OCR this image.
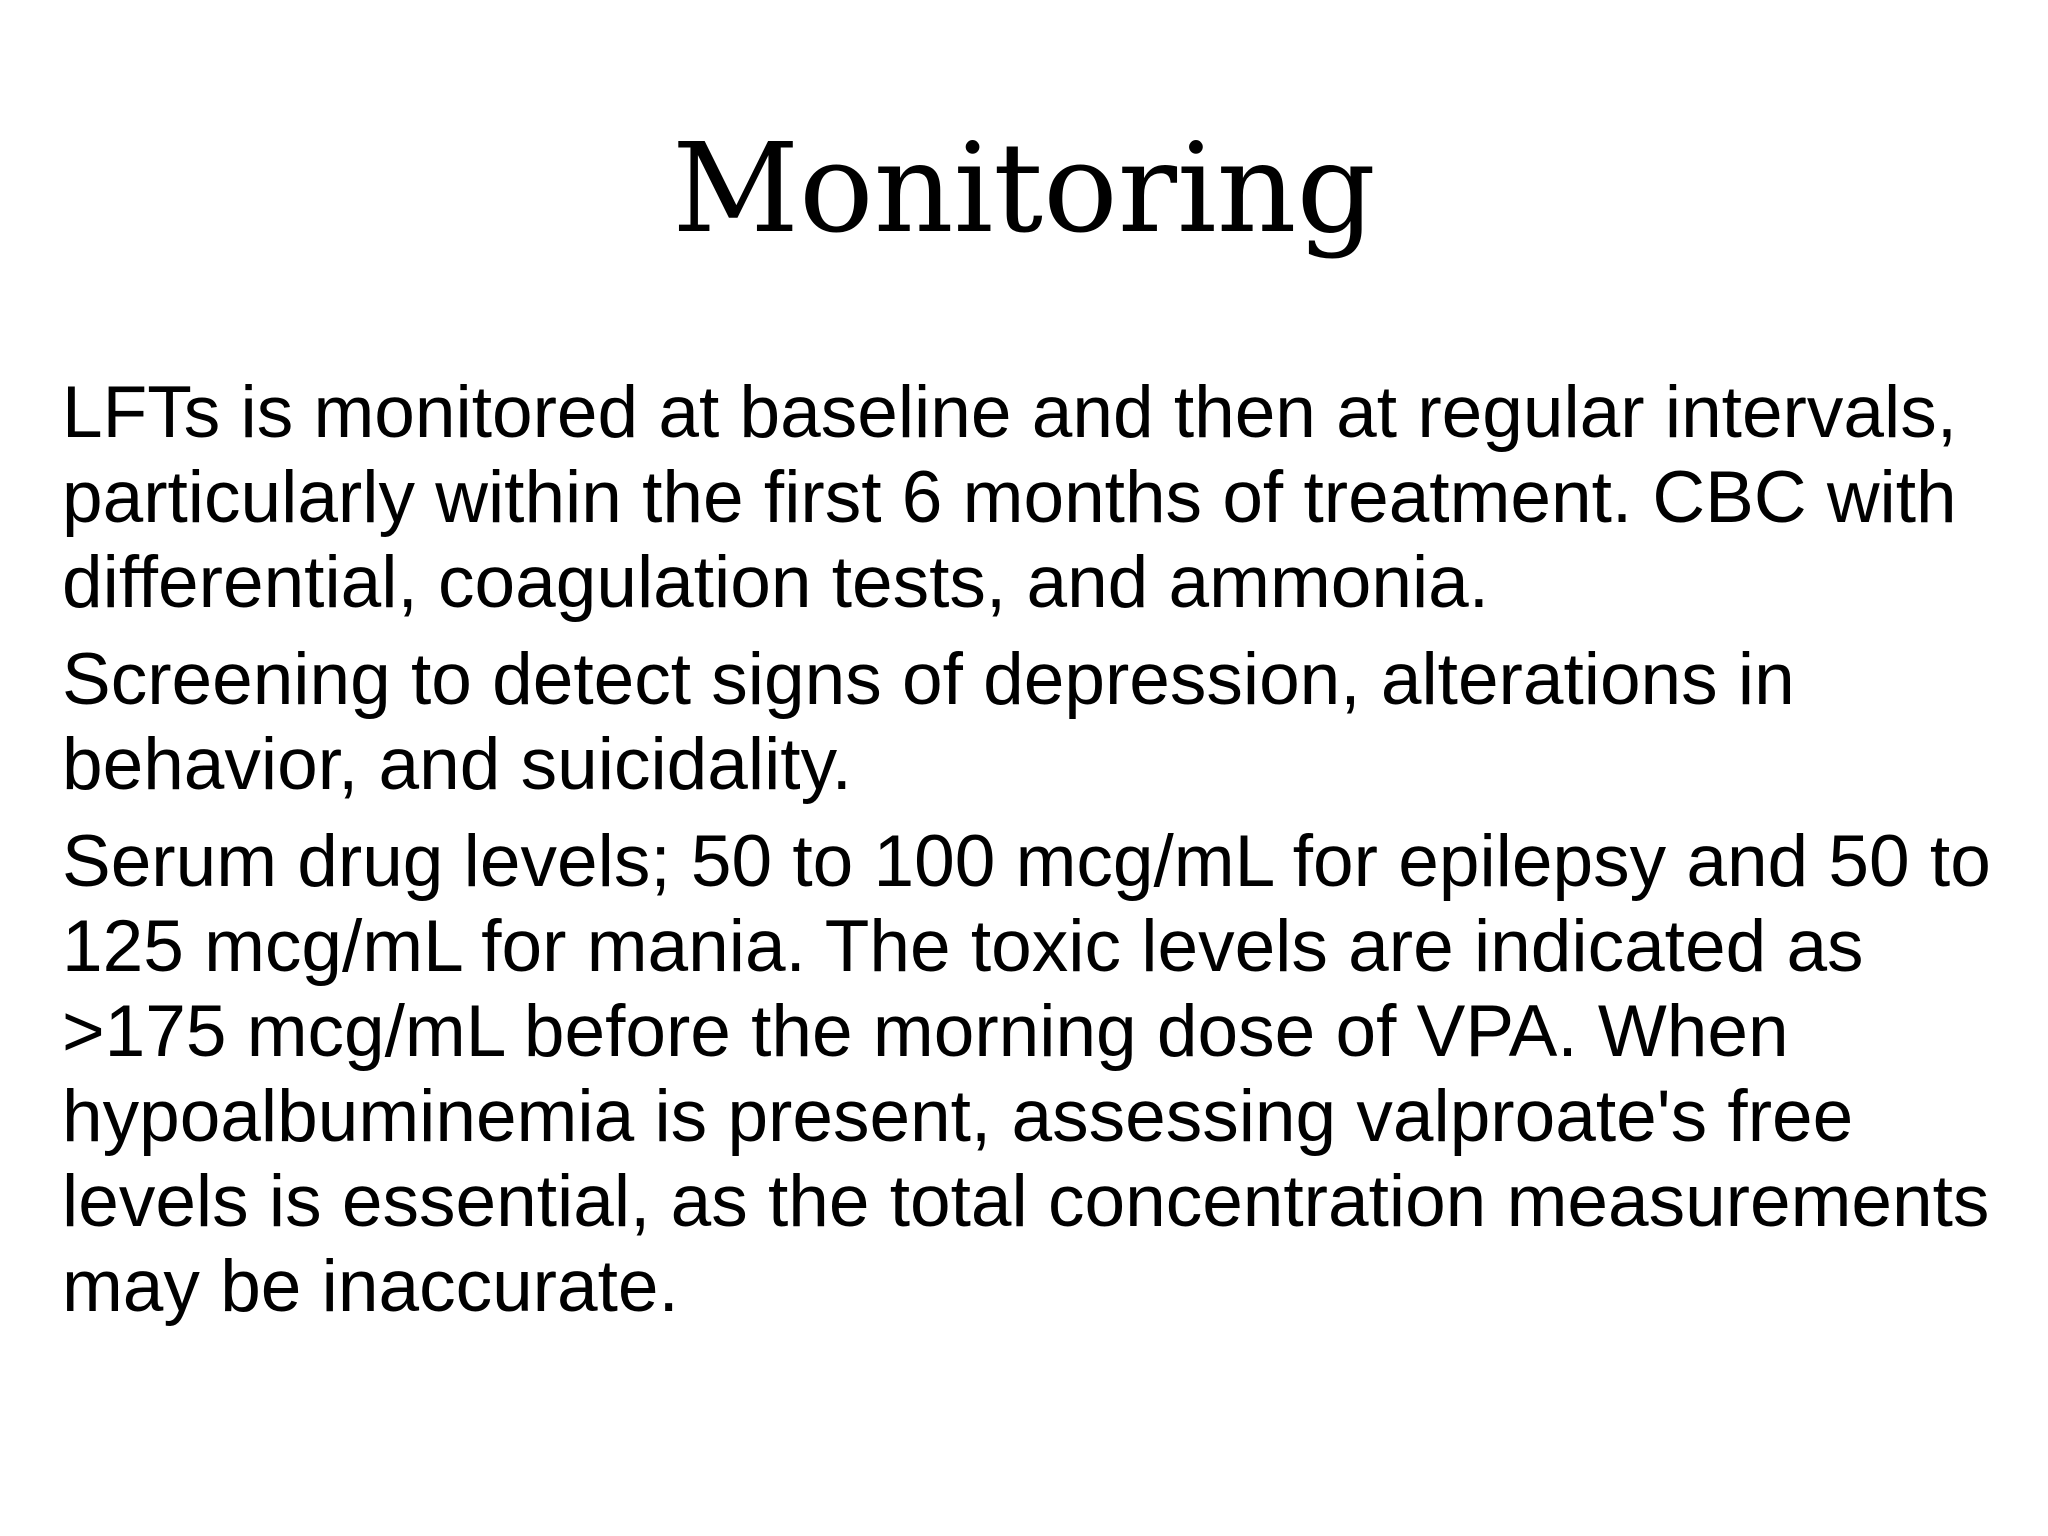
Monitoring
LFTs is monitored at baseline and then at regular intervals, particularly within the first 6 months of treatment. CBC with differential, coagulation tests, and ammonia.
Screening to detect signs of depression, alterations in behavior, and suicidality.
Serum drug levels; 50 to 100 mcg/mL for epilepsy and 50 to 125 mcg/mL for mania. The toxic levels are indicated as >175 mcg/mL before the morning dose of VPA. When hypoalbuminemia is present, assessing valproate's free levels is essential, as the total concentration measurements may be inaccurate.
